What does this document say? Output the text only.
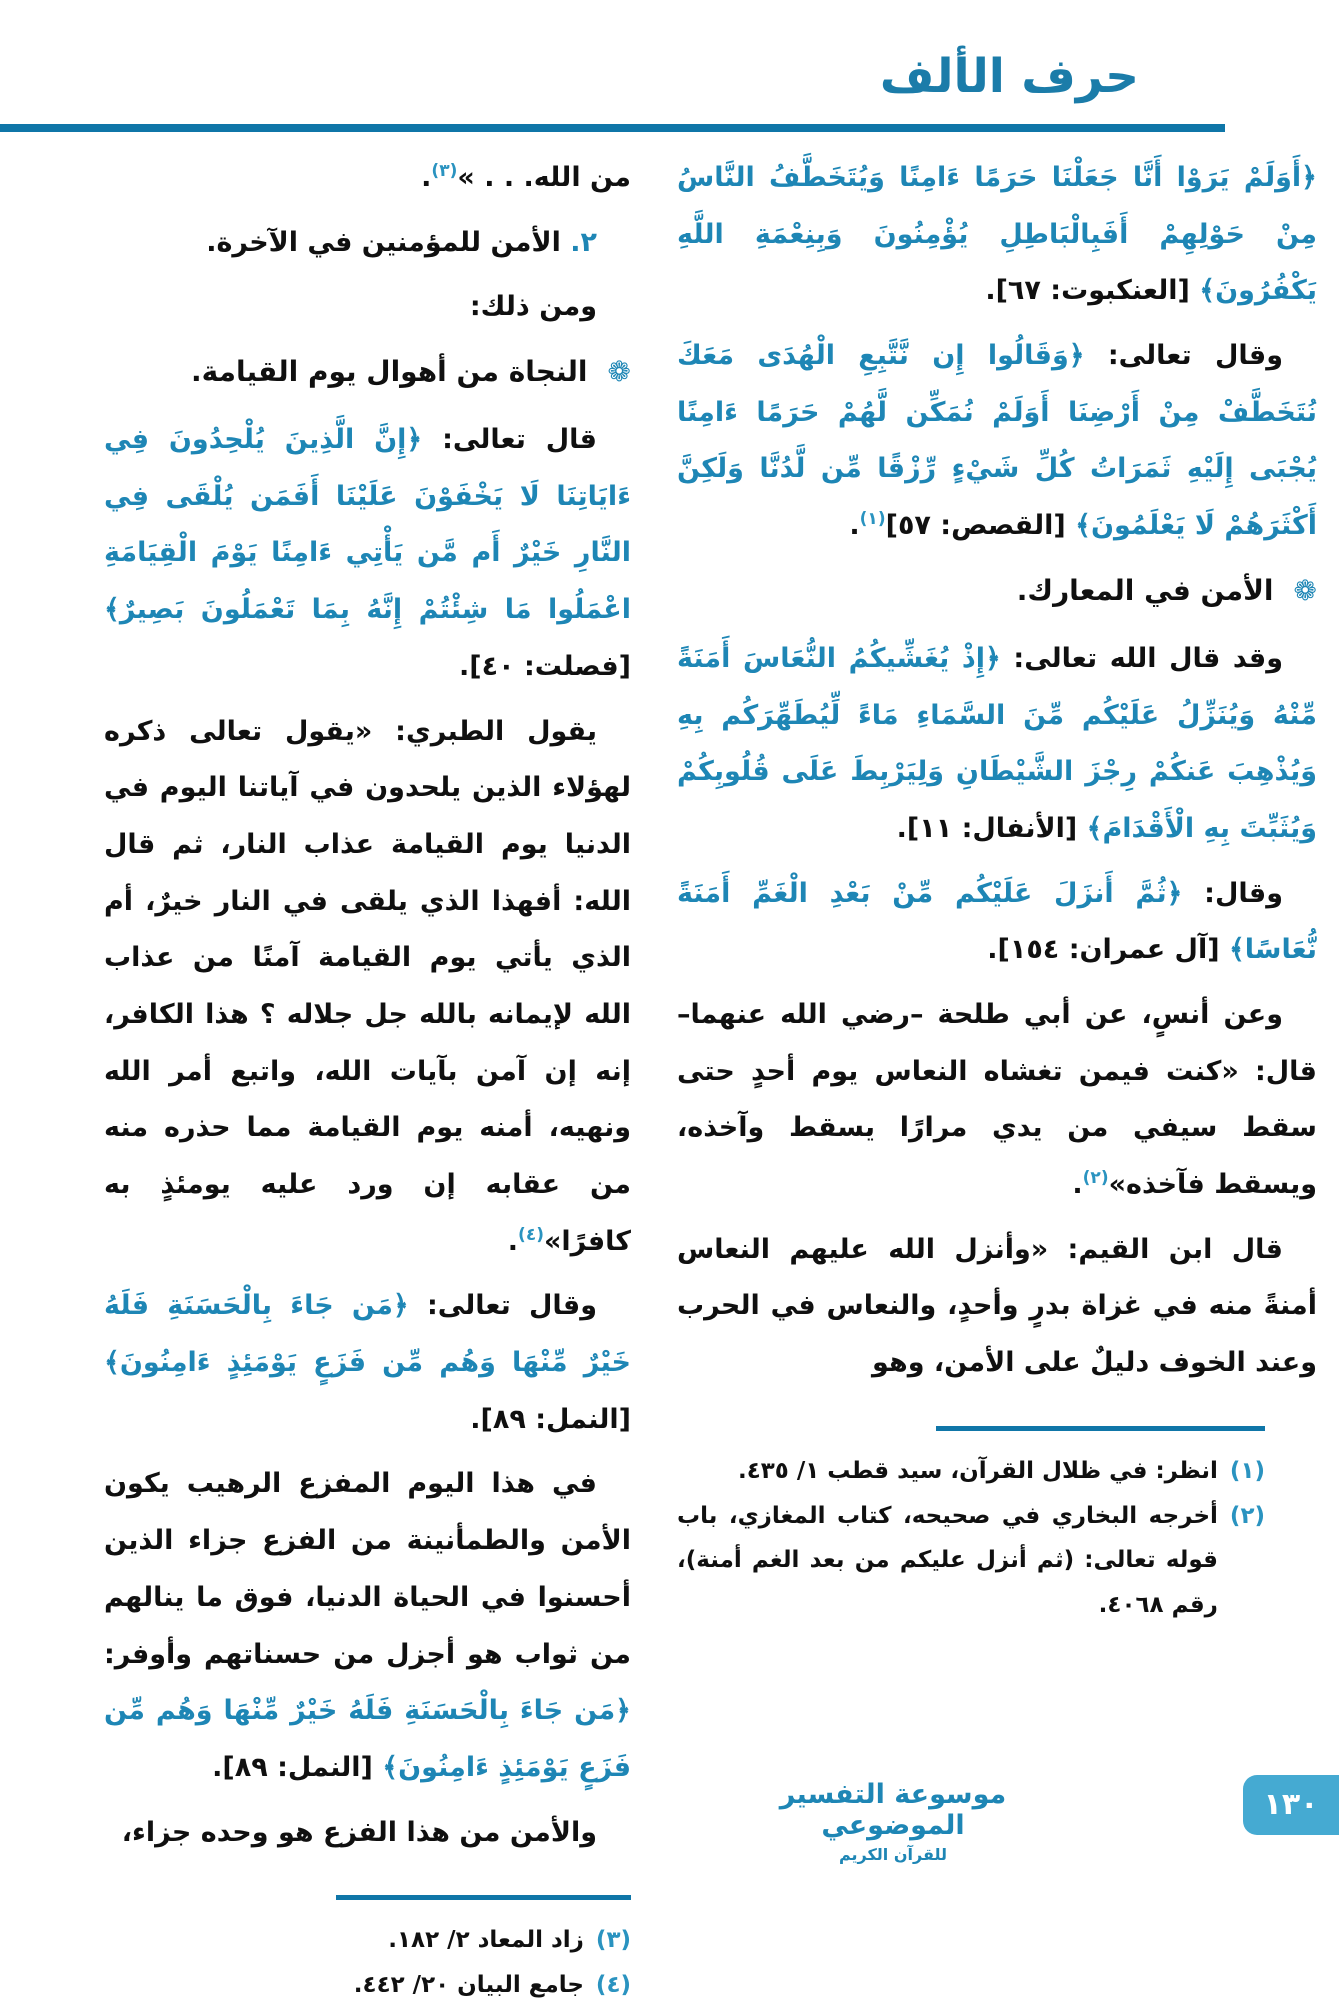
حرف الألف

﴿أَوَلَمْ يَرَوْا أَنَّا جَعَلْنَا حَرَمًا ءَامِنًا وَيُتَخَطَّفُ النَّاسُ مِنْ حَوْلِهِمْ أَفَبِالْبَاطِلِ يُؤْمِنُونَ وَبِنِعْمَةِ اللَّهِ يَكْفُرُونَ﴾ [العنكبوت: ٦٧].

وقال تعالى: ﴿وَقَالُوا إِن نَّتَّبِعِ الْهُدَى مَعَكَ نُتَخَطَّفْ مِنْ أَرْضِنَا أَوَلَمْ نُمَكِّن لَّهُمْ حَرَمًا ءَامِنًا يُجْبَى إِلَيْهِ ثَمَرَاتُ كُلِّ شَيْءٍ رِّزْقًا مِّن لَّدُنَّا وَلَكِنَّ أَكْثَرَهُمْ لَا يَعْلَمُونَ﴾ [القصص: ٥٧]$^{(١)}$.

❁
الأمن في المعارك.

وقد قال الله تعالى: ﴿إِذْ يُغَشِّيكُمُ النُّعَاسَ أَمَنَةً مِّنْهُ وَيُنَزِّلُ عَلَيْكُم مِّنَ السَّمَاءِ مَاءً لِّيُطَهِّرَكُم بِهِ وَيُذْهِبَ عَنكُمْ رِجْزَ الشَّيْطَانِ وَلِيَرْبِطَ عَلَى قُلُوبِكُمْ وَيُثَبِّتَ بِهِ الْأَقْدَامَ﴾ [الأنفال: ١١].

وقال: ﴿ثُمَّ أَنزَلَ عَلَيْكُم مِّنْ بَعْدِ الْغَمِّ أَمَنَةً نُّعَاسًا﴾ [آل عمران: ١٥٤].

وعن أنسٍ، عن أبي طلحة –رضي الله عنهما– قال: «كنت فيمن تغشاه النعاس يوم أحدٍ حتى سقط سيفي من يدي مرارًا يسقط وآخذه، ويسقط فآخذه»$^{(٢)}$.

قال ابن القيم: «وأنزل الله عليهم النعاس أمنةً منه في غزاة بدرٍ وأحدٍ، والنعاس في الحرب وعند الخوف دليلٌ على الأمن، وهو

(١)
انظر: في ظلال القرآن، سيد قطب ١/ ٤٣٥.
(٢)
أخرجه البخاري في صحيحه، كتاب المغازي، باب قوله تعالى: (ثم أنزل عليكم من بعد الغم أمنة)، رقم ٤٠٦٨.

من الله. . . »$^{(٣)}$.

٢. الأمن للمؤمنين في الآخرة.

ومن ذلك:

❁
النجاة من أهوال يوم القيامة.

قال تعالى: ﴿إِنَّ الَّذِينَ يُلْحِدُونَ فِي ءَايَاتِنَا لَا يَخْفَوْنَ عَلَيْنَا أَفَمَن يُلْقَى فِي النَّارِ خَيْرٌ أَم مَّن يَأْتِي ءَامِنًا يَوْمَ الْقِيَامَةِ اعْمَلُوا مَا شِئْتُمْ إِنَّهُ بِمَا تَعْمَلُونَ بَصِيرٌ﴾ [فصلت: ٤٠].

يقول الطبري: «يقول تعالى ذكره لهؤلاء الذين يلحدون في آياتنا اليوم في الدنيا يوم القيامة عذاب النار، ثم قال الله: أفهذا الذي يلقى في النار خيرٌ، أم الذي يأتي يوم القيامة آمنًا من عذاب الله لإيمانه بالله جل جلاله ؟ هذا الكافر، إنه إن آمن بآيات الله، واتبع أمر الله ونهيه، أمنه يوم القيامة مما حذره منه من عقابه إن ورد عليه يومئذٍ به كافرًا»$^{(٤)}$.

وقال تعالى: ﴿مَن جَاءَ بِالْحَسَنَةِ فَلَهُ خَيْرٌ مِّنْهَا وَهُم مِّن فَزَعٍ يَوْمَئِذٍ ءَامِنُونَ﴾ [النمل: ٨٩].

في هذا اليوم المفزع الرهيب يكون الأمن والطمأنينة من الفزع جزاء الذين أحسنوا في الحياة الدنيا، فوق ما ينالهم من ثواب هو أجزل من حسناتهم وأوفر: ﴿مَن جَاءَ بِالْحَسَنَةِ فَلَهُ خَيْرٌ مِّنْهَا وَهُم مِّن فَزَعٍ يَوْمَئِذٍ ءَامِنُونَ﴾ [النمل: ٨٩].

والأمن من هذا الفزع هو وحده جزاء،

(٣)
زاد المعاد ٢/ ١٨٢.
(٤)
جامع البيان ٢٠/ ٤٤٢.
موسوعة التفسير الموضوعي
للقرآن الكريم
١٣٠
